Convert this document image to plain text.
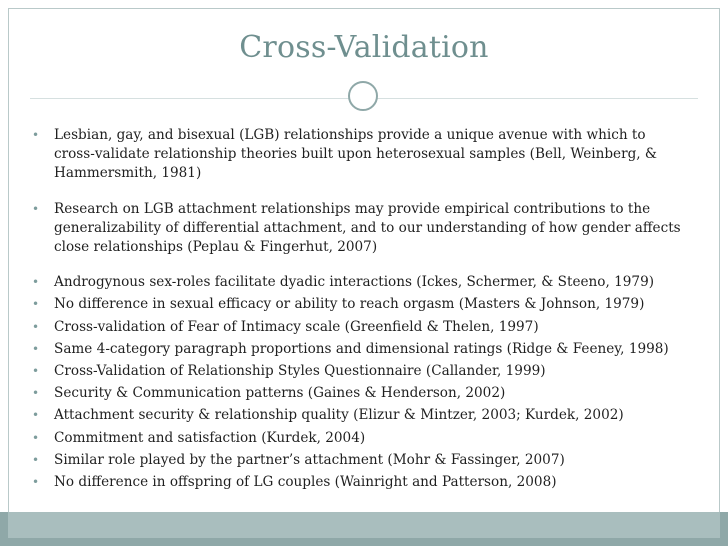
Cross-Validation

• Lesbian, gay, and bisexual (LGB) relationships provide a unique avenue with which to cross-validate relationship theories built upon heterosexual samples (Bell, Weinberg, & Hammersmith, 1981)

• Research on LGB attachment relationships may provide empirical contributions to the generalizability of differential attachment, and to our understanding of how gender affects close relationships (Peplau & Fingerhut, 2007)

• Androgynous sex-roles facilitate dyadic interactions (Ickes, Schermer, & Steeno, 1979)

• No difference in sexual efficacy or ability to reach orgasm (Masters & Johnson, 1979)

• Cross-validation of Fear of Intimacy scale (Greenfield & Thelen, 1997)

• Same 4-category paragraph proportions and dimensional ratings (Ridge & Feeney, 1998)

• Cross-Validation of Relationship Styles Questionnaire (Callander, 1999)

• Security & Communication patterns (Gaines & Henderson, 2002)

• Attachment security & relationship quality (Elizur & Mintzer, 2003; Kurdek, 2002)

• Commitment and satisfaction (Kurdek, 2004)

• Similar role played by the partner’s attachment (Mohr & Fassinger, 2007)

• No difference in offspring of LG couples (Wainright and Patterson, 2008)
